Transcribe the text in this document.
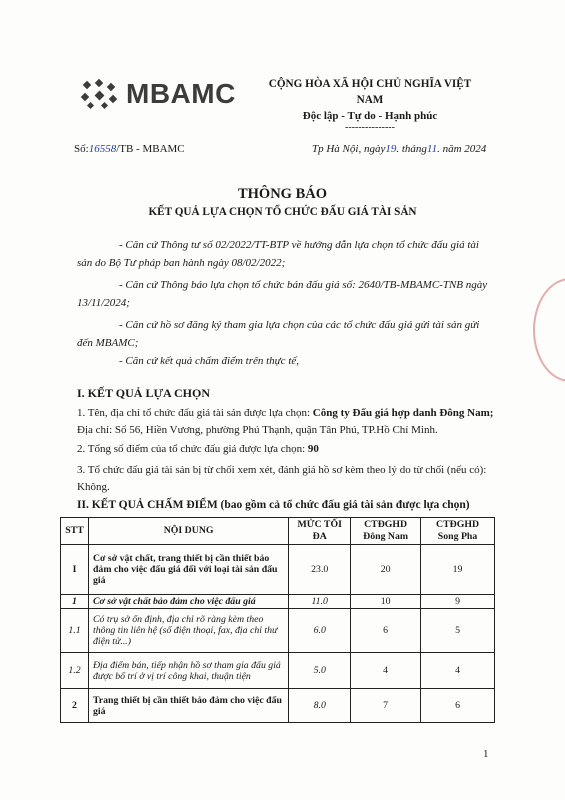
MBAMC	CỘNG HÒA XÃ HỘI CHỦ NGHĨA VIỆT NAM
Độc lập - Tự do - Hạnh phúc
---------------
Số:16558/TB - MBAMC	Tp Hà Nội, ngày19. tháng11. năm 2024
THÔNG BÁO
KẾT QUẢ LỰA CHỌN TỔ CHỨC ĐẤU GIÁ TÀI SẢN
- Căn cứ Thông tư số 02/2022/TT-BTP về hướng dẫn lựa chọn tổ chức đấu giá tài sản do Bộ Tư pháp ban hành ngày 08/02/2022;
- Căn cứ Thông báo lựa chọn tổ chức bán đấu giá số: 2640/TB-MBAMC-TNB ngày 13/11/2024;
- Căn cứ hồ sơ đăng ký tham gia lựa chọn của các tổ chức đấu giá gửi tài sản gửi đến MBAMC;
- Căn cứ kết quả chấm điểm trên thực tế,
I. KẾT QUẢ LỰA CHỌN
1. Tên, địa chỉ tổ chức đấu giá tài sản được lựa chọn: Công ty Đấu giá hợp danh Đông Nam; Địa chỉ: Số 56, Hiền Vương, phường Phú Thạnh, quận Tân Phú, TP.Hồ Chí Minh.
2. Tổng số điểm của tổ chức đấu giá được lựa chọn: 90
3. Tổ chức đấu giá tài sản bị từ chối xem xét, đánh giá hồ sơ kèm theo lý do từ chối (nếu có): Không.
II. KẾT QUẢ CHẤM ĐIỂM (bao gồm cả tổ chức đấu giá tài sản được lựa chọn)
STT	NỘI DUNG	MỨC TỐI ĐA	CTĐGHD Đông Nam	CTĐGHD Song Pha
I	Cơ sở vật chất, trang thiết bị cần thiết bảo đảm cho việc đấu giá đối với loại tài sản đấu giá	23.0	20	19
1	Cơ sở vật chất bảo đảm cho việc đấu giá	11.0	10	9
1.1	Có trụ sở ổn định, địa chỉ rõ ràng kèm theo thông tin liên hệ (số điện thoại, fax, địa chỉ thư điện tử...)	6.0	6	5
1.2	Địa điểm bán, tiếp nhận hồ sơ tham gia đấu giá được bố trí ở vị trí công khai, thuận tiện	5.0	4	4
2	Trang thiết bị cần thiết bảo đảm cho việc đấu giá	8.0	7	6
1
